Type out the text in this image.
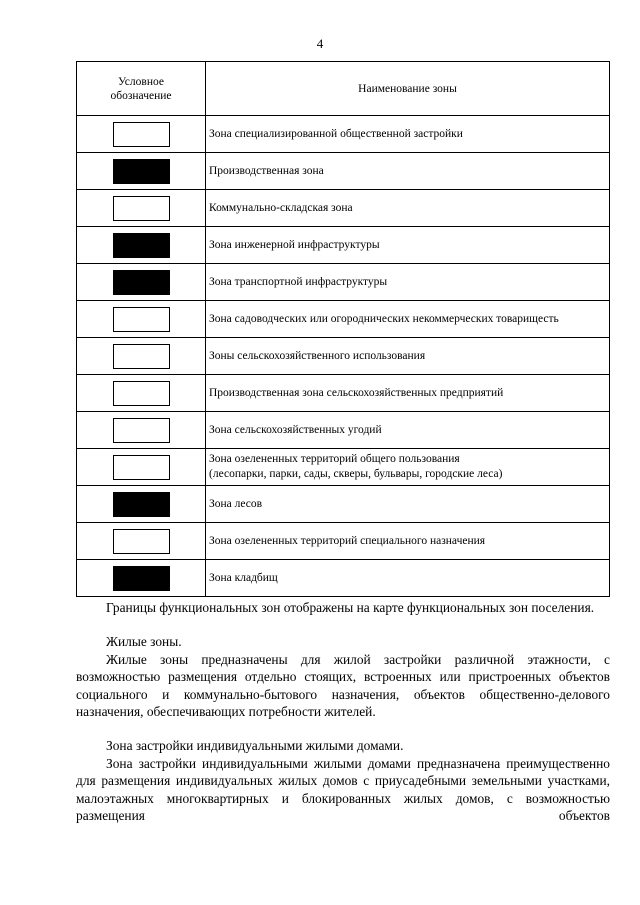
4
Условное обозначение	Наименование зоны

	Зона специализированной общественной застройки

	Производственная зона

	Коммунально-складская зона

	Зона инженерной инфраструктуры

	Зона транспортной инфраструктуры

	Зона садоводческих или огороднических некоммерческих товарищесть

	Зоны сельскохозяйственного использования

	Производственная зона сельскохозяйственных предприятий

	Зона сельскохозяйственных угодий

	Зона озелененных территорий общего пользования
(лесопарки, парки, сады, скверы, бульвары, городские леса)

	Зона лесов

	Зона озелененных территорий специального назначения

	Зона кладбищ

Границы функциональных зон отображены на карте функциональных зон поселения.

Жилые зоны.

Жилые зоны предназначены для жилой застройки различной этажности, с возможностью размещения отдельно стоящих, встроенных или пристроенных объектов социального и коммунально-бытового назначения, объектов общественно-делового назначения, обеспечивающих потребности жителей.

Зона застройки индивидуальными жилыми домами.

Зона застройки индивидуальными жилыми домами предназначена преимущественно для размещения индивидуальных жилых домов с приусадебными земельными участками, малоэтажных многоквартирных и блокированных жилых домов, с возможностью размещения объектов
